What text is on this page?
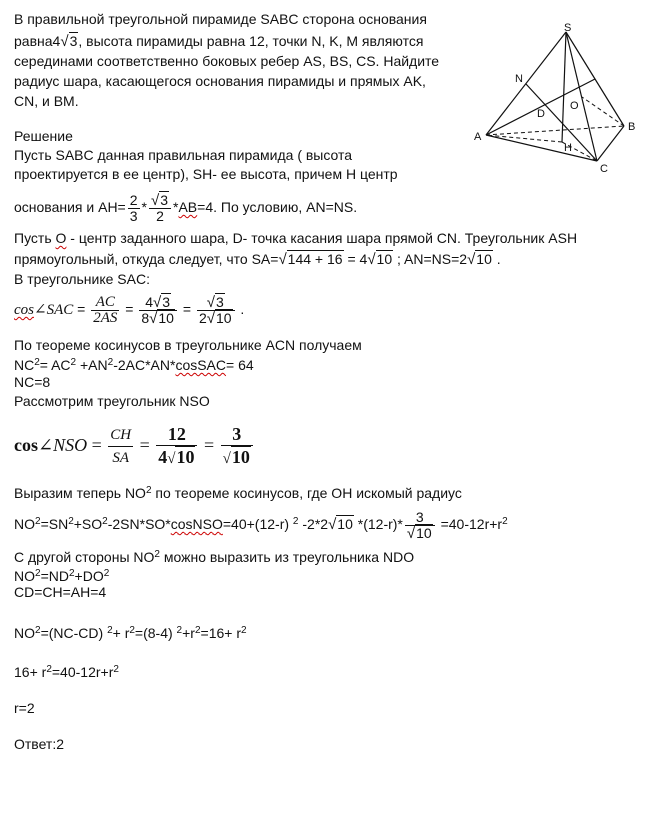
В правильной треугольной пирамиде SABC сторона основания
равна4√3, высота пирамиды равна 12, точки N, K, M являются
серединами соответственно боковых ребер AS, BS, CS. Найдите
радиус шара, касающегося основания пирамиды и прямых AK,
CN, и BM.
Решение
Пусть SABC данная правильная пирамида ( высота
проектируется в ее центр), SH- ее высота, причем H центр
основания и $AH= \frac{2}{3} * \frac{√3}{2} *AB=4$. По условию, AN=NS.
Пусть O - центр заданного шара, D- точка касания шара прямой CN. Треугольник ASH
прямоугольный, откуда следует, что SA=√144 + 16 = 4√10 ; AN=NS=2√10 .
В треугольнике SAC:
cos∠SAC = $\frac{AC}{2AS} = \frac{4√3}{8√10} = \frac{√3}{2√10}$ .
По теореме косинусов в треугольнике ACN получаем
$NC^2= AC^2$ $+AN^2-2AC*AN*cosSAC= 64$
NC=8
Рассмотрим треугольник NSO
cos∠NSO = $\frac{CH}{SA} = \frac{12}{4√10} = \frac{3}{√10}$
Выразим теперь $NO^2$ по теореме косинусов, где OH искомый радиус
$NO^2=SN^2+SO^2-2SN*SO*cosNSO=40+(12-r)$ $^2$ -2*2√10 $*(12-r)* \frac{3}{√10} =40-12r+r^2$
С другой стороны $NO^2$ можно выразить из треугольника NDO
$NO^2=ND^2+DO^2$
CD=CH=AH=4
$NO^2=(NC-CD)$ $^2+ r^2=(8-4)$ $^2+r^2=16+ r^2$
$16+ r^2=40-12r+r^2$
r=2
Ответ:2
S
N
O
D
A
B
H
C
